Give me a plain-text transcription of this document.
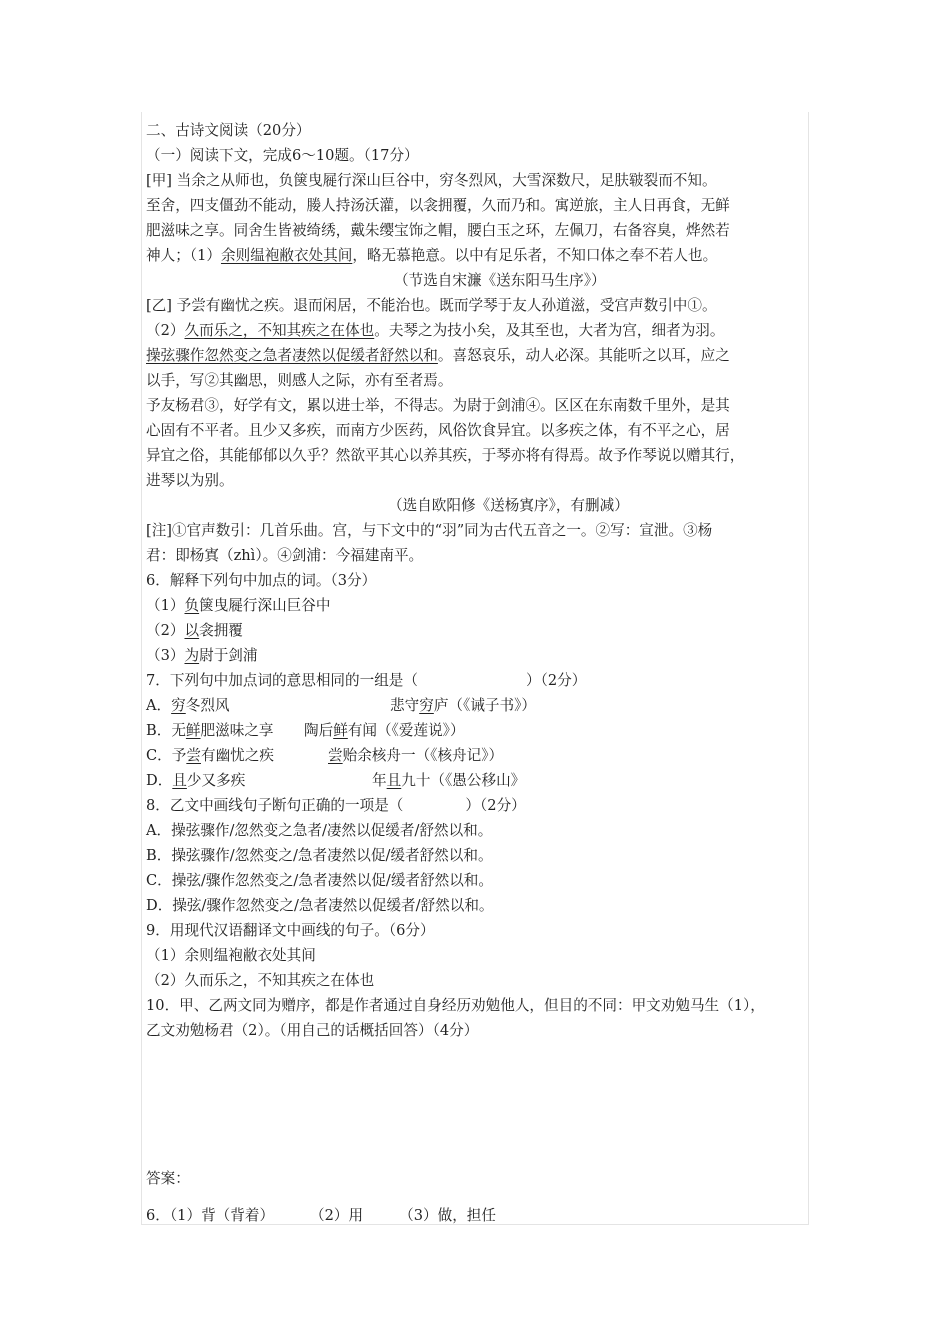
二、古诗文阅读（20分）
（一）阅读下文，完成6～10题。（17分）
[甲] 当余之从师也，负箧曳屣行深山巨谷中，穷冬烈风，大雪深数尺，足肤皲裂而不知。
至舍，四支僵劲不能动，媵人持汤沃灌，以衾拥覆，久而乃和。寓逆旅，主人日再食，无鲜
肥滋味之享。同舍生皆被绮绣，戴朱缨宝饰之帽，腰白玉之环，左佩刀，右备容臭，烨然若
神人；（1）余则缊袍敝衣处其间，略无慕艳意。以中有足乐者，不知口体之奉不若人也。
（节选自宋濂《送东阳马生序》）
[乙] 予尝有幽忧之疾。退而闲居，不能治也。既而学琴于友人孙道滋，受宫声数引中①。
（2）久而乐之，不知其疾之在体也。夫琴之为技小矣，及其至也，大者为宫，细者为羽。
操弦骤作忽然变之急者凄然以促缓者舒然以和。喜怒哀乐，动人必深。其能听之以耳，应之
以手，写②其幽思，则感人之际，亦有至者焉。
予友杨君③，好学有文，累以进士举，不得志。为尉于剑浦④。区区在东南数千里外，是其
心固有不平者。且少又多疾，而南方少医药，风俗饮食异宜。以多疾之体，有不平之心，居
异宜之俗，其能郁郁以久乎？然欲平其心以养其疾，于琴亦将有得焉。故予作琴说以赠其行，
进琴以为别。
（选自欧阳修《送杨寘序》，有删减）
[注]①官声数引：几首乐曲。宫，与下文中的“羽”同为古代五音之一。②写：宣泄。③杨
君：即杨寘（zhì）。④剑浦：今福建南平。
6．解释下列句中加点的词。（3分）
（1）负箧曳屣行深山巨谷中
（2）以衾拥覆
（3）为尉于剑浦
7．下列句中加点词的意思相同的一组是（	）（2分）
A．穷冬烈风	悲守穷庐（《诫子书》）
B．无鲜肥滋味之享 陶后鲜有闻（《爱莲说》）
C．予尝有幽忧之疾	尝贻余核舟一（《核舟记》）
D．且少又多疾	年且九十（《愚公移山》
8．乙文中画线句子断句正确的一项是（	）（2分）
A．操弦骤作/忽然变之急者/凄然以促缓者/舒然以和。
B．操弦骤作/忽然变之/急者凄然以促/缓者舒然以和。
C．操弦/骤作忽然变之/急者凄然以促/缓者舒然以和。
D．操弦/骤作忽然变之/急者凄然以促缓者/舒然以和。
9．用现代汉语翻译文中画线的句子。（6分）
（1）余则缊袍敝衣处其间
（2）久而乐之，不知其疾之在体也
10．甲、乙两文同为赠序，都是作者通过自身经历劝勉他人，但目的不同：甲文劝勉马生（1），
乙文劝勉杨君（2）。（用自己的话概括回答）（4分）
答案：
6．（1）背（背着） （2）用 （3）做，担任
